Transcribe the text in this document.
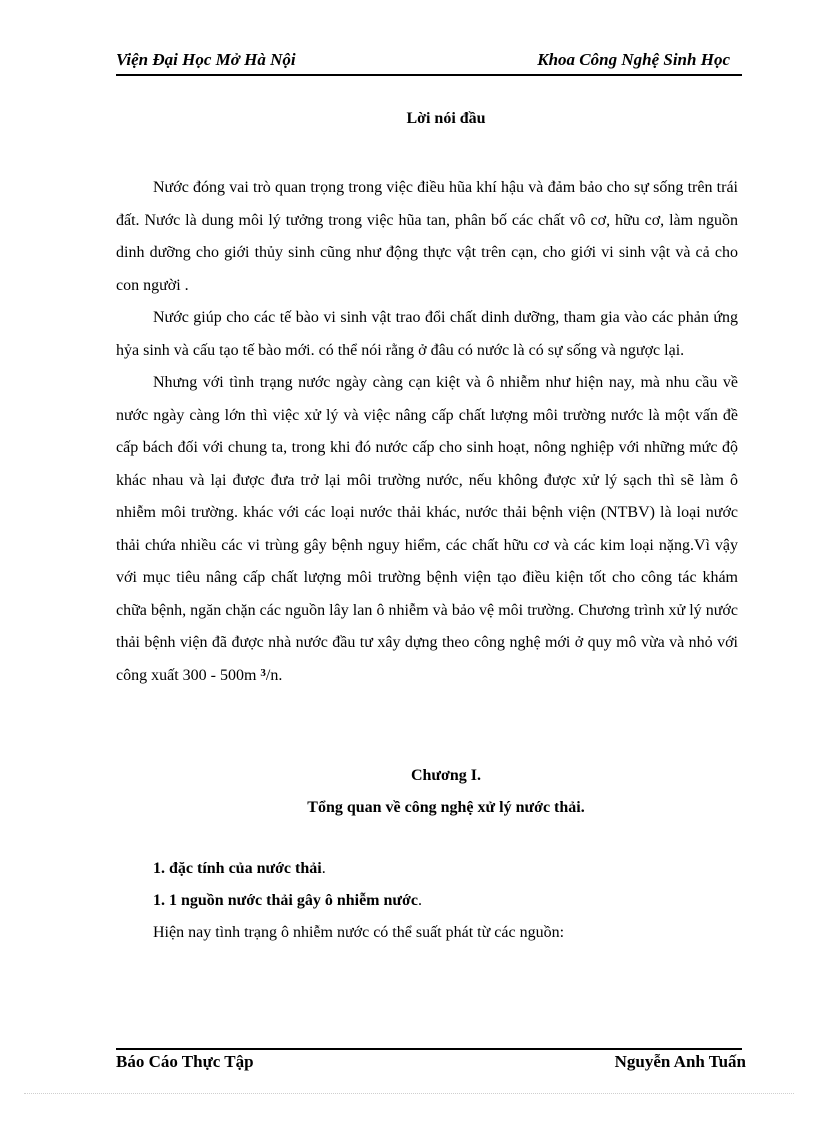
Viện Đại Học Mở Hà Nội	Khoa Công Nghệ Sinh Học
Lời nói đầu

Nước đóng vai trò quan trọng trong việc điều hũa khí hậu và đảm bảo cho sự sống trên trái đất. Nước là dung môi lý tưởng trong việc hũa tan, phân bố các chất vô cơ, hữu cơ, làm nguồn dinh dưỡng cho giới thủy sinh cũng như động thực vật trên cạn, cho giới vi sinh vật và cả cho con người .

Nước giúp cho các tế bào vi sinh vật trao đổi chất dinh dưỡng, tham gia vào các phản ứng hỷa sinh và cấu tạo tế bào mới. có thể nói rằng ở đâu có nước là có sự sống và ngược lại.

Nhưng với tình trạng nước ngày càng cạn kiệt và ô nhiễm như hiện nay, mà nhu cầu về nước ngày càng lớn thì việc xử lý và việc nâng cấp chất lượng môi trường nước là một vấn đề cấp bách đối với chung ta, trong khi đó nước cấp cho sinh hoạt, nông nghiệp với những mức độ khác nhau và lại được đưa trở lại môi trường nước, nếu không được xử lý sạch thì sẽ làm ô nhiễm môi trường. khác với các loại nước thải khác, nước thải bệnh viện (NTBV) là loại nước thải chứa nhiều các vi trùng gây bệnh nguy hiểm, các chất hữu cơ và các kim loại nặng.Vì vậy với mục tiêu nâng cấp chất lượng môi trường bệnh viện tạo điều kiện tốt cho công tác khám chữa bệnh, ngăn chặn các nguồn lây lan ô nhiễm và bảo vệ môi trường. Chương trình xử lý nước thải bệnh viện đã được nhà nước đầu tư xây dựng theo công nghệ mới ở quy mô vừa và nhỏ với công xuất 300 - 500m $^3$/n.

Chương I.
Tổng quan về công nghệ xử lý nước thải.
1. đặc tính của nước thải.
1. 1 nguồn nước thải gây ô nhiễm nước.
Hiện nay tình trạng ô nhiễm nước có thể suất phát từ các nguồn:
Báo Cáo Thực Tập	Nguyễn Anh Tuấn
